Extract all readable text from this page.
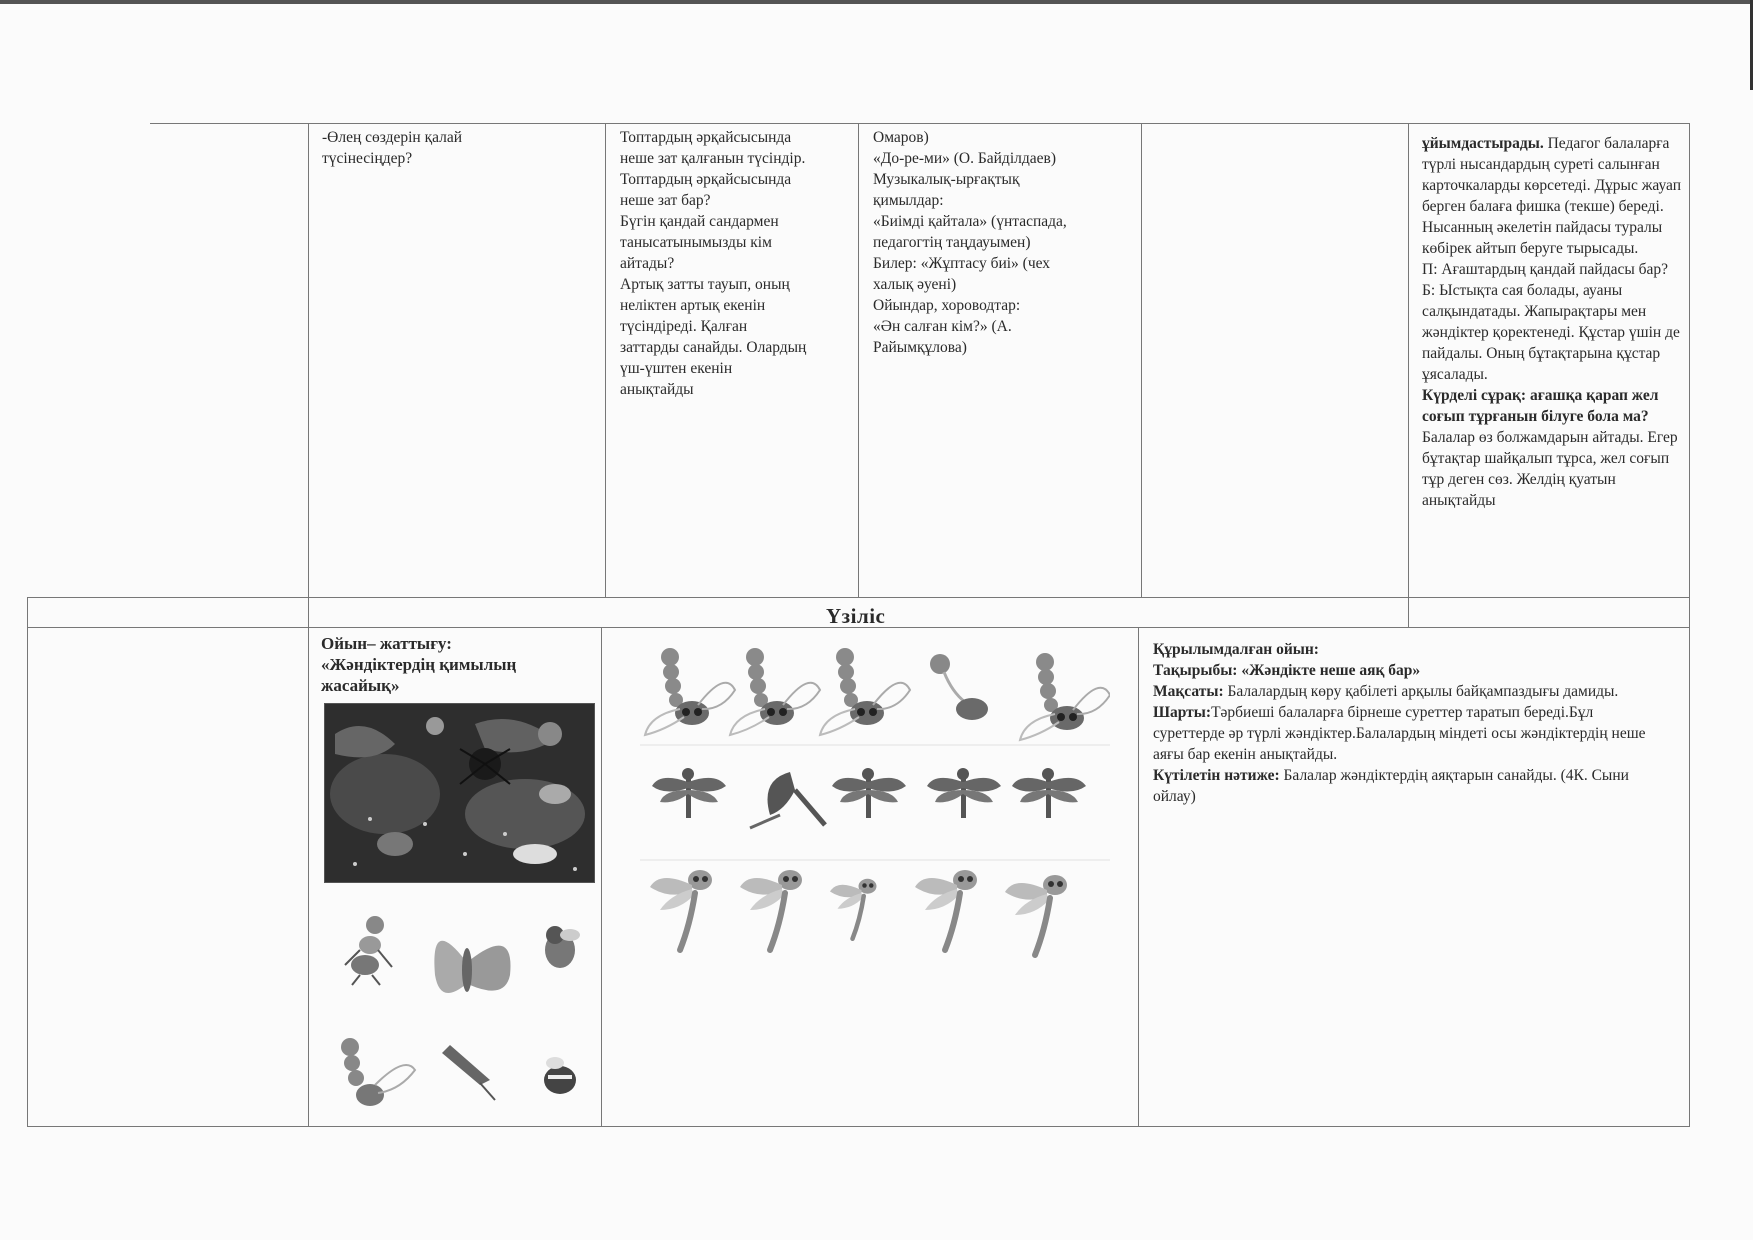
-Өлең сөздерін қалай
түсінесіңдер?
Топтардың әрқайсысында
неше зат қалғанын түсіндір.
Топтардың әрқайсысында
неше зат бар?
Бүгін қандай сандармен
танысатынымызды кім
айтады?
Артық затты тауып, оның
неліктен артық екенін
түсіндіреді. Қалған
заттарды санайды. Олардың
үш-үштен екенін
анықтайды
Омаров)
«До-ре-ми» (О. Байділдаев)
Музыкалық-ырғақтық
қимылдар:
«Биімді қайтала» (үнтаспада,
педагогтің таңдауымен)
Билер: «Жұптасу биі» (чех
халық әуені)
Ойындар, хороводтар:
«Ән салған кім?» (А.
Райымқұлова)

ұйымдастырады. Педагог балаларға түрлі нысандардың суреті салынған карточкаларды көрсетеді. Дұрыс жауап берген балаға фишка (текше) береді. Нысанның әкелетін пайдасы туралы көбірек айтып беруге тырысады.

П: Ағаштардың қандай пайдасы бар?

Б: Ыстықта сая болады, ауаны салқындатады. Жапырақтары мен жәндіктер қоректенеді. Құстар үшін де пайдалы. Оның бұтақтарына құстар ұясалады.

Күрделі сұрақ: ағашқа қарап жел соғып тұрғанын білуге бола ма? Балалар өз болжамдарын айтады. Егер бұтақтар шайқалып тұрса, жел соғып тұр деген сөз. Желдің қуатын анықтайды

Үзіліс
Ойын– жаттығу:
«Жәндіктердің қимылың
жасайық»

Құрылымдалған ойын:

Тақырыбы: «Жәндікте неше аяқ бар»

Мақсаты: Балалардың көру қабілеті арқылы байқампаздығы дамиды.

Шарты:Тәрбиеші балаларға бірнеше суреттер таратып береді.Бұл суреттерде әр түрлі жәндіктер.Балалардың міндеті осы жәндіктердің неше аяғы бар екенін анықтайды.

Күтілетін нәтиже: Балалар жәндіктердің аяқтарын санайды. (4К. Сыни ойлау)
